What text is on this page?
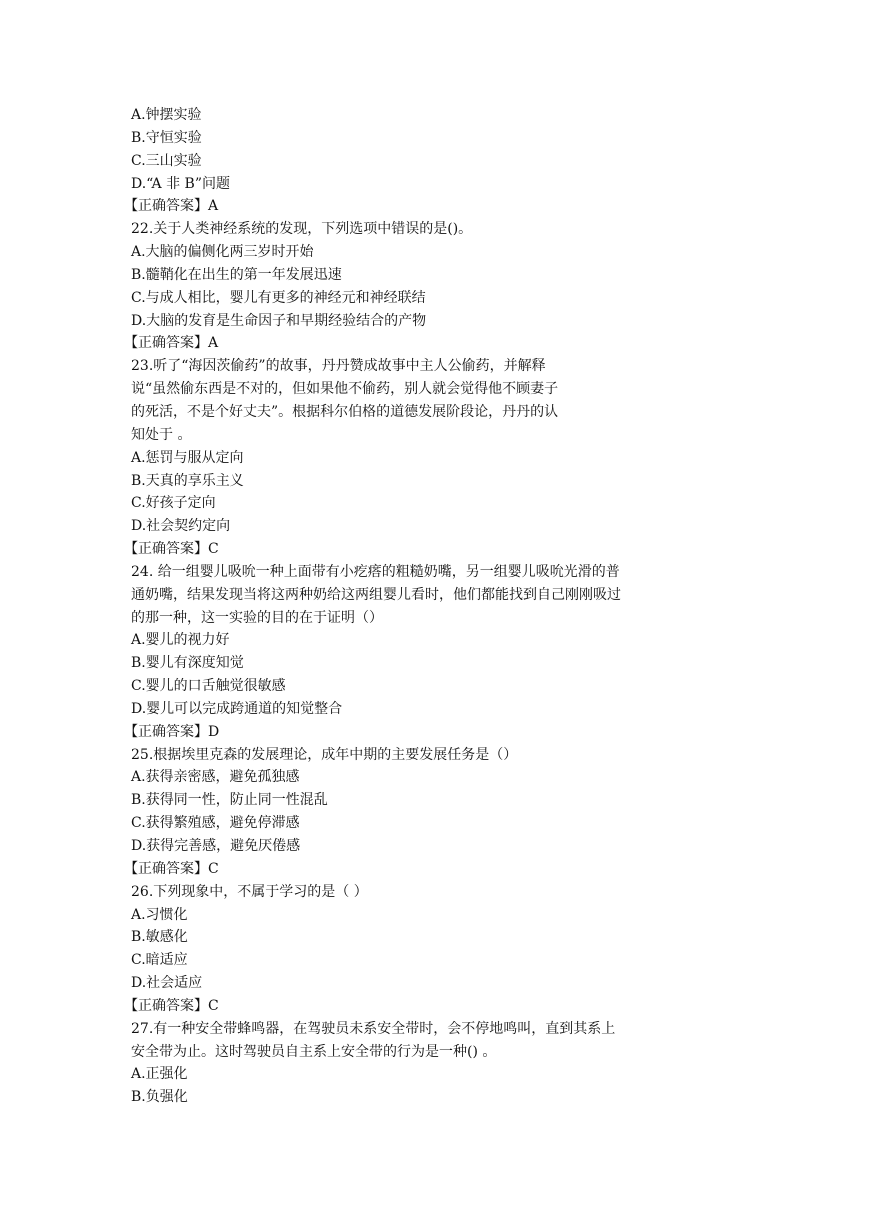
A.钟摆实验
B.守恒实验
C.三山实验
D.“A 非 B”问题
【正确答案】A
22.关于人类神经系统的发现，下列选项中错误的是()。
A.大脑的偏侧化两三岁时开始
B.髓鞘化在出生的第一年发展迅速
C.与成人相比，婴儿有更多的神经元和神经联结
D.大脑的发育是生命因子和早期经验结合的产物
【正确答案】A
23.听了“海因茨偷药”的故事，丹丹赞成故事中主人公偷药，并解释
说“虽然偷东西是不对的，但如果他不偷药，别人就会觉得他不顾妻子
的死活，不是个好丈夫”。根据科尔伯格的道德发展阶段论，丹丹的认
知处于 。
A.惩罚与服从定向
B.天真的享乐主义
C.好孩子定向
D.社会契约定向
【正确答案】C
24. 给一组婴儿吸吮一种上面带有小疙瘩的粗糙奶嘴，另一组婴儿吸吮光滑的普
通奶嘴，结果发现当将这两种奶给这两组婴儿看时，他们都能找到自己刚刚吸过
的那一种，这一实验的目的在于证明（）
A.婴儿的视力好
B.婴儿有深度知觉
C.婴儿的口舌触觉很敏感
D.婴儿可以完成跨通道的知觉整合
【正确答案】D
25.根据埃里克森的发展理论，成年中期的主要发展任务是（）
A.获得亲密感，避免孤独感
B.获得同一性，防止同一性混乱
C.获得繁殖感，避免停滞感
D.获得完善感，避免厌倦感
【正确答案】C
26.下列现象中，不属于学习的是（ ）
A.习惯化
B.敏感化
C.暗适应
D.社会适应
【正确答案】C
27.有一种安全带蜂鸣器，在驾驶员未系安全带时，会不停地鸣叫，直到其系上
安全带为止。这时驾驶员自主系上安全带的行为是一种() 。
A.正强化
B.负强化
